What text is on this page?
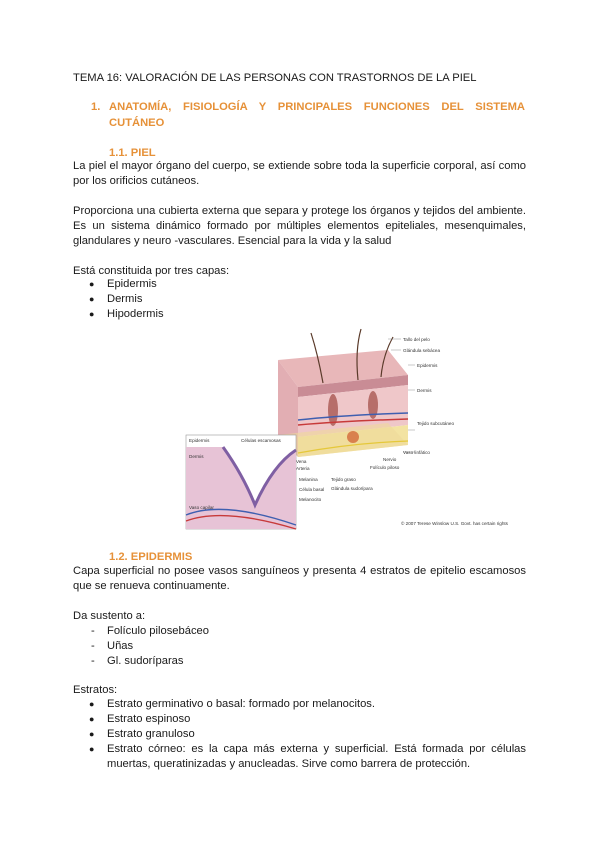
TEMA 16: VALORACIÓN DE LAS PERSONAS CON TRASTORNOS DE LA PIEL
1. ANATOMÍA, FISIOLOGÍA Y PRINCIPALES FUNCIONES DEL SISTEMA
CUTÁNEO
1.1. PIEL
La piel el mayor órgano del cuerpo, se extiende sobre toda la superficie corporal, así como por los orificios cutáneos.
Proporciona una cubierta externa que separa y protege los órganos y tejidos del ambiente. Es un sistema dinámico formado por múltiples elementos epiteliales, mesenquimales, glandulares y neuro -vasculares. Esencial para la vida y la salud
Está constituida por tres capas:
● Epidermis
● Dermis
● Hipodermis
Tallo del pelo
Glándula sebácea
Epidermis
Dermis
Tejido subcutáneo
Vaso linfático
Vena
Arteria
Nervio
Folículo piloso
Tejido graso
Glándula sudorípara
Epidermis	Células escamosas
Dermis
Vaso capilar
Melanina
Célula basal
Melanocito
© 2007 Terese Winslow U.S. Govt. has certain rights
1.2. EPIDERMIS
Capa superficial no posee vasos sanguíneos y presenta 4 estratos de epitelio escamosos que se renueva continuamente.
Da sustento a:
- Folículo pilosebáceo
- Uñas
- Gl. sudoríparas
Estratos:
● Estrato germinativo o basal: formado por melanocitos.
● Estrato espinoso
● Estrato granuloso
● Estrato córneo: es la capa más externa y superficial. Está formada por células muertas, queratinizadas y anucleadas. Sirve como barrera de protección.
